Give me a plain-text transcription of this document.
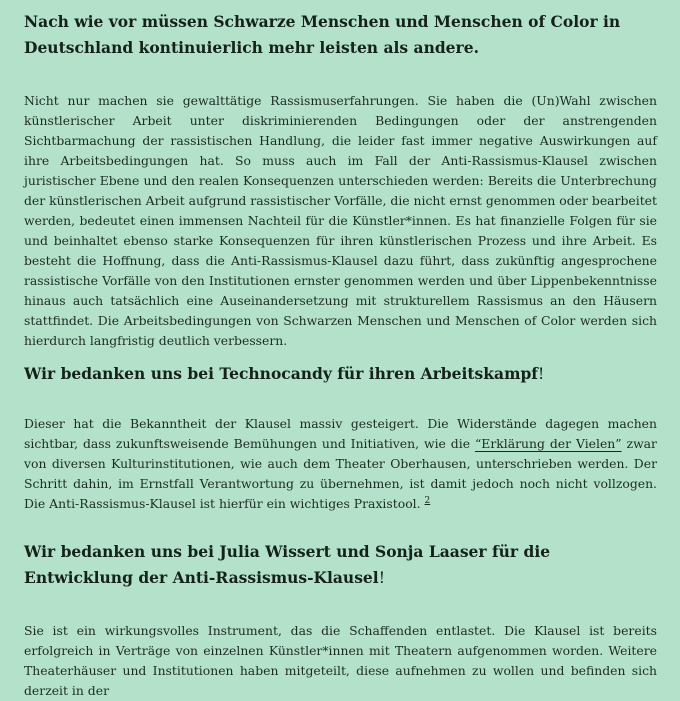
Nach wie vor müssen Schwarze Menschen und Menschen of Color in Deutschland kontinuierlich mehr leisten als andere.

Nicht nur machen sie gewalttätige Rassismuserfahrungen. Sie haben die (Un)Wahl zwischen künstlerischer Arbeit unter diskriminierenden Bedingungen oder der anstrengenden Sichtbarmachung der rassistischen Handlung, die leider fast immer negative Auswirkungen auf ihre Arbeitsbedingungen hat. So muss auch im Fall der Anti-Rassismus-Klausel zwischen juristischer Ebene und den realen Konsequenzen unterschieden werden: Bereits die Unterbrechung der künstlerischen Arbeit aufgrund rassistischer Vorfälle, die nicht ernst genommen oder bearbeitet werden, bedeutet einen immensen Nachteil für die Künstler*innen. Es hat finanzielle Folgen für sie und beinhaltet ebenso starke Konsequenzen für ihren künstlerischen Prozess und ihre Arbeit. Es besteht die Hoffnung, dass die Anti-Rassismus-Klausel dazu führt, dass zukünftig angesprochene rassistische Vorfälle von den Institutionen ernster genommen werden und über Lippenbekenntnisse hinaus auch tatsächlich eine Auseinandersetzung mit strukturellem Rassismus an den Häusern stattfindet. Die Arbeitsbedingungen von Schwarzen Menschen und Menschen of Color werden sich hierdurch langfristig deutlich verbessern.

Wir bedanken uns bei Technocandy für ihren Arbeitskampf!

Dieser hat die Bekanntheit der Klausel massiv gesteigert. Die Widerstände dagegen machen sichtbar, dass zukunftsweisende Bemühungen und Initiativen, wie die “Erklärung der Vielen” zwar von diversen Kulturinstitutionen, wie auch dem Theater Oberhausen, unterschrieben werden. Der Schritt dahin, im Ernstfall Verantwortung zu übernehmen, ist damit jedoch noch nicht vollzogen. Die Anti-Rassismus-Klausel ist hierfür ein wichtiges Praxistool. $^2$

Wir bedanken uns bei Julia Wissert und Sonja Laaser für die Entwicklung der Anti-Rassismus-Klausel!

Sie ist ein wirkungsvolles Instrument, das die Schaffenden entlastet. Die Klausel ist bereits erfolgreich in Verträge von einzelnen Künstler*innen mit Theatern aufgenommen worden. Weitere Theaterhäuser und Institutionen haben mitgeteilt, diese aufnehmen zu wollen und befinden sich derzeit in der
